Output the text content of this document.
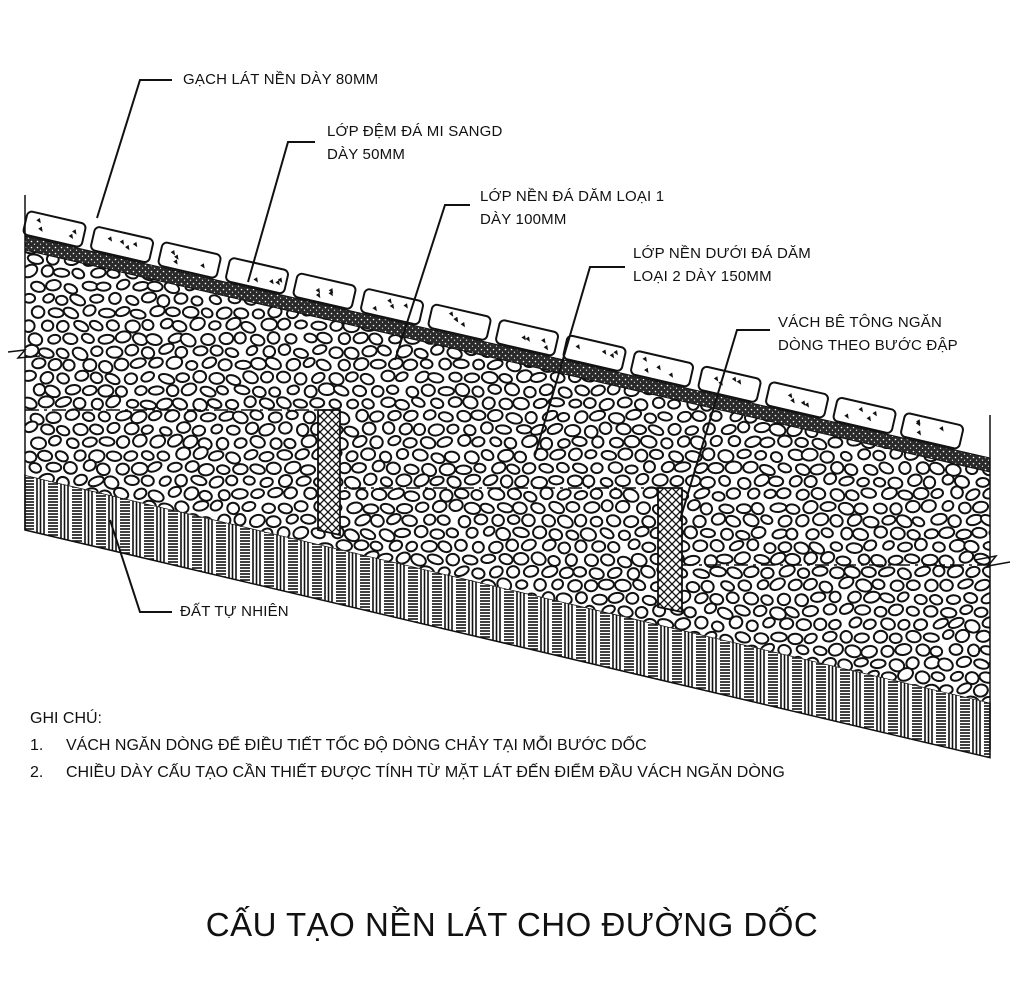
GẠCH LÁT NỀN DÀY 80MM
LỚP ĐỆM ĐÁ MI SANGD
DÀY 50MM
LỚP NỀN ĐÁ DĂM LOẠI 1
DÀY 100MM
LỚP NỀN DƯỚI ĐÁ DĂM
LOẠI 2 DÀY 150MM
VÁCH BÊ TÔNG NGĂN
DÒNG THEO BƯỚC ĐẬP
ĐẤT TỰ NHIÊN
GHI CHÚ:
1. VÁCH NGĂN DÒNG ĐỂ ĐIỀU TIẾT TỐC ĐỘ DÒNG CHẢY TẠI MỖI BƯỚC DỐC
2. CHIỀU DÀY CẤU TẠO CẦN THIẾT ĐƯỢC TÍNH TỪ MẶT LÁT ĐẾN ĐIỂM ĐẦU VÁCH NGĂN DÒNG
CẤU TẠO NỀN LÁT CHO ĐƯỜNG DỐC
